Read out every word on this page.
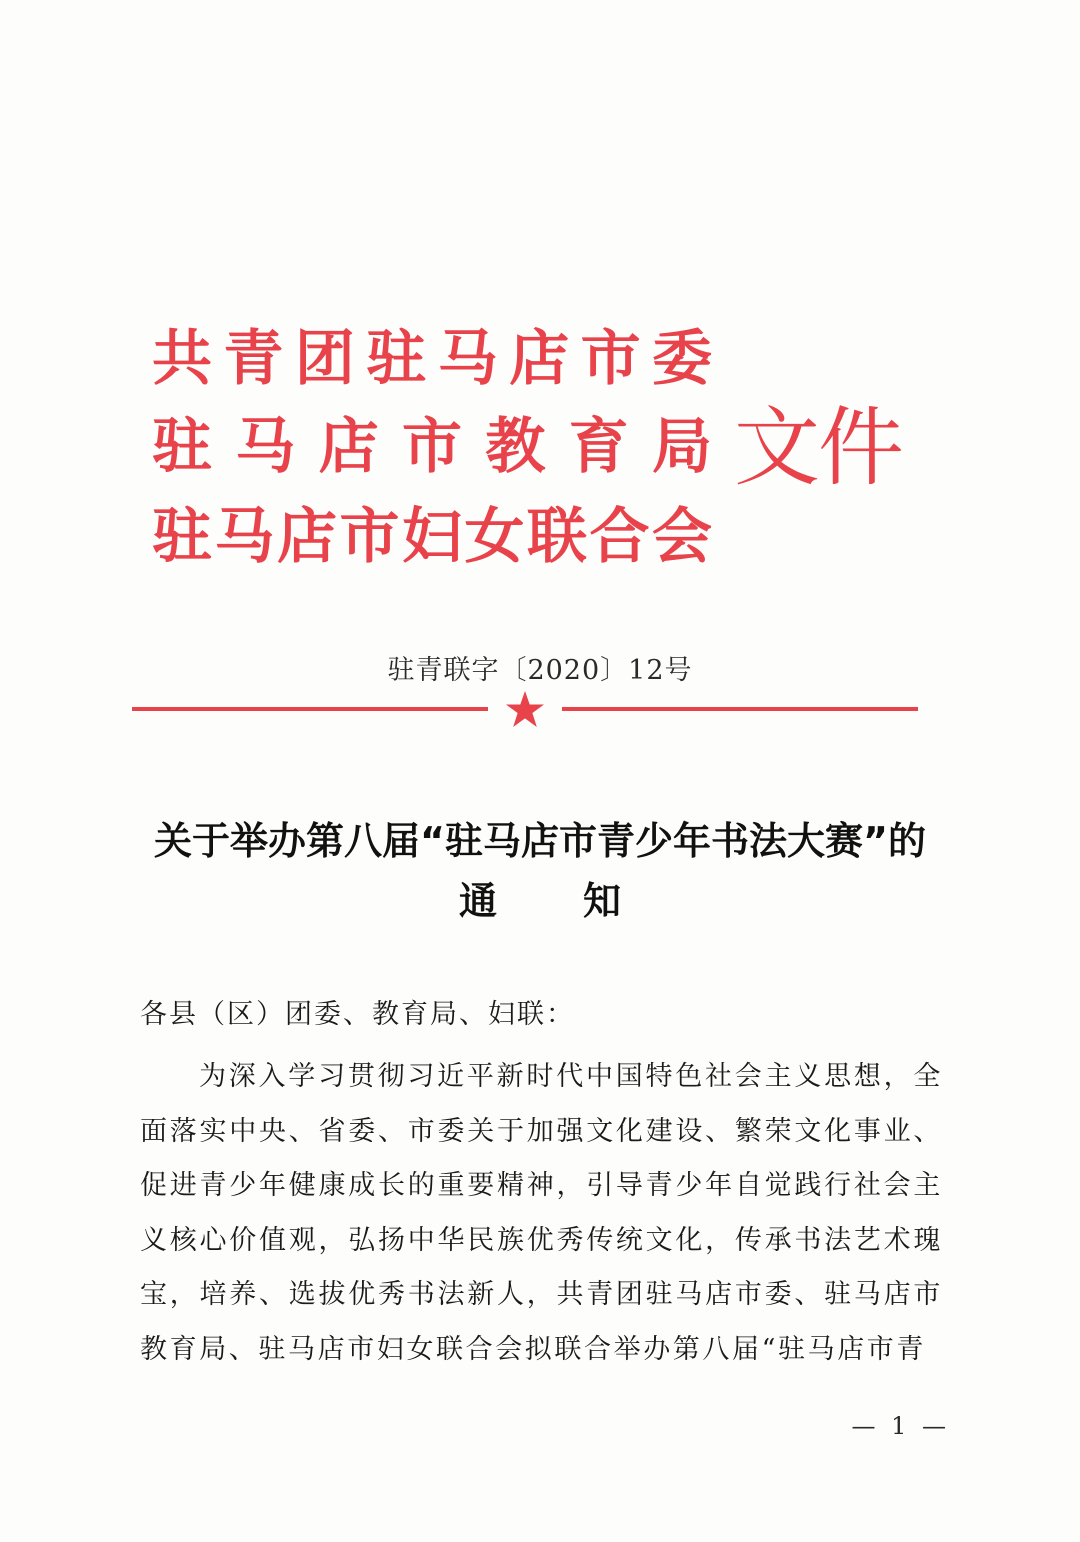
共青团驻马店市委
驻马店市教育局
驻马店市妇女联合会
文件
驻青联字〔2020〕12号
关于举办第八届“驻马店市青少年书法大赛”的
通知
各县（区）团委、教育局、妇联：
为深入学习贯彻习近平新时代中国特色社会主义思想，全面落实中央、省委、市委关于加强文化建设、繁荣文化事业、促进青少年健康成长的重要精神，引导青少年自觉践行社会主义核心价值观，弘扬中华民族优秀传统文化，传承书法艺术瑰宝，培养、选拔优秀书法新人，共青团驻马店市委、驻马店市教育局、驻马店市妇女联合会拟联合举办第八届“驻马店市青
— 1 —
